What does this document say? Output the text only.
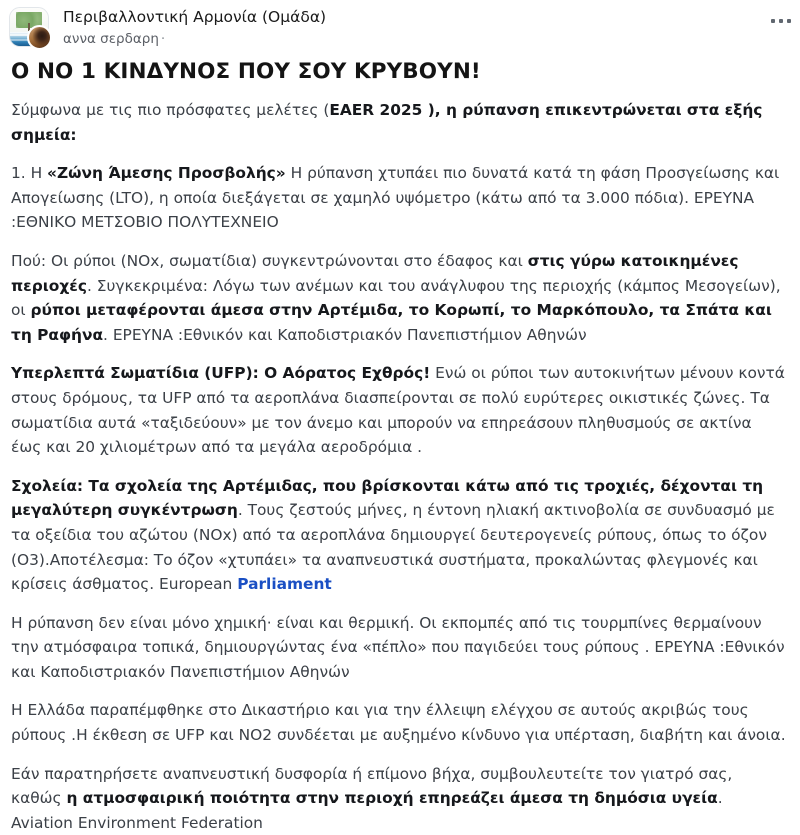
Περιβαλλοντική Αρμονία (Ομάδα)
αννα σερδαρη ·
Ο ΝΟ 1 ΚΙΝΔΥΝΟΣ ΠΟΥ ΣΟΥ ΚΡΥΒΟΥΝ!
Σύμφωνα με τις πιο πρόσφατες μελέτες (EAER 2025 ), η ρύπανση επικεντρώνεται στα εξής σημεία:
1. Η «Ζώνη Άμεσης Προσβολής» Η ρύπανση χτυπάει πιο δυνατά κατά τη φάση Προσγείωσης και Απογείωσης (LTO), η οποία διεξάγεται σε χαμηλό υψόμετρο (κάτω από τα 3.000 πόδια). ΕΡΕΥΝΑ :ΕΘΝΙΚΟ ΜΕΤΣΟΒΙΟ ΠΟΛΥΤΕΧΝΕΙΟ
Πού: Οι ρύποι (NOx, σωματίδια) συγκεντρώνονται στο έδαφος και στις γύρω κατοικημένες περιοχές. Συγκεκριμένα: Λόγω των ανέμων και του ανάγλυφου της περιοχής (κάμπος Μεσογείων), οι ρύποι μεταφέρονται άμεσα στην Αρτέμιδα, το Κορωπί, το Μαρκόπουλο, τα Σπάτα και τη Ραφήνα. ΕΡΕΥΝΑ :Εθνικόν και Καποδιστριακόν Πανεπιστήμιον Αθηνών
Υπερλεπτά Σωματίδια (UFP): Ο Αόρατος Εχθρός! Ενώ οι ρύποι των αυτοκινήτων μένουν κοντά στους δρόμους, τα UFP από τα αεροπλάνα διασπείρονται σε πολύ ευρύτερες οικιστικές ζώνες. Τα σωματίδια αυτά «ταξιδεύουν» με τον άνεμο και μπορούν να επηρεάσουν πληθυσμούς σε ακτίνα έως και 20 χιλιομέτρων από τα μεγάλα αεροδρόμια .
Σχολεία: Τα σχολεία της Αρτέμιδας, που βρίσκονται κάτω από τις τροχιές, δέχονται τη μεγαλύτερη συγκέντρωση. Τους ζεστούς μήνες, η έντονη ηλιακή ακτινοβολία σε συνδυασμό με τα οξείδια του αζώτου (NOx) από τα αεροπλάνα δημιουργεί δευτερογενείς ρύπους, όπως το όζον (O3).Αποτέλεσμα: Το όζον «χτυπάει» τα αναπνευστικά συστήματα, προκαλώντας φλεγμονές και κρίσεις άσθματος. European Parliament
Η ρύπανση δεν είναι μόνο χημική· είναι και θερμική. Οι εκπομπές από τις τουρμπίνες θερμαίνουν την ατμόσφαιρα τοπικά, δημιουργώντας ένα «πέπλο» που παγιδεύει τους ρύπους . ΕΡΕΥΝΑ :Εθνικόν και Καποδιστριακόν Πανεπιστήμιον Αθηνών
Η Ελλάδα παραπέμφθηκε στο Δικαστήριο και για την έλλειψη ελέγχου σε αυτούς ακριβώς τους ρύπους .Η έκθεση σε UFP και NO2 συνδέεται με αυξημένο κίνδυνο για υπέρταση, διαβήτη και άνοια.
Εάν παρατηρήσετε αναπνευστική δυσφορία ή επίμονο βήχα, συμβουλευτείτε τον γιατρό σας, καθώς η ατμοσφαιρική ποιότητα στην περιοχή επηρεάζει άμεσα τη δημόσια υγεία. Aviation Environment Federation
